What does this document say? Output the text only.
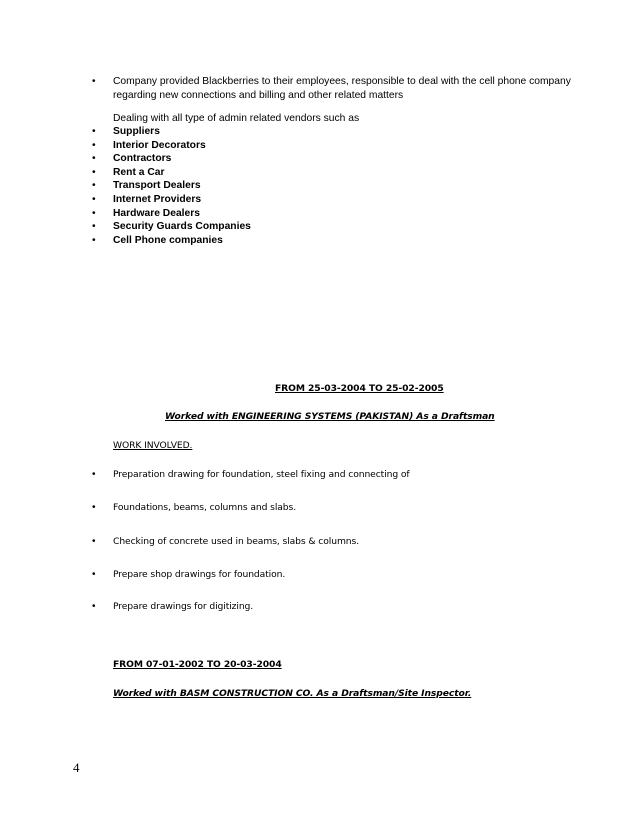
•	Company provided Blackberries to their employees, responsible to deal with the cell phone company
regarding new connections and billing and other related matters
Dealing with all type of admin related vendors such as
• Suppliers
• Interior Decorators
• Contractors
• Rent a Car
• Transport Dealers
• Internet Providers
• Hardware Dealers
• Security Guards Companies
• Cell Phone companies
FROM 25-03-2004 TO 25-02-2005
Worked with ENGINEERING SYSTEMS (PAKISTAN) As a Draftsman
WORK INVOLVED.
• Preparation drawing for foundation, steel fixing and connecting of
• Foundations, beams, columns and slabs.
• Checking of concrete used in beams, slabs & columns.
• Prepare shop drawings for foundation.
• Prepare drawings for digitizing.
FROM 07-01-2002 TO 20-03-2004
Worked with BASM CONSTRUCTION CO. As a Draftsman/Site Inspector.
4
